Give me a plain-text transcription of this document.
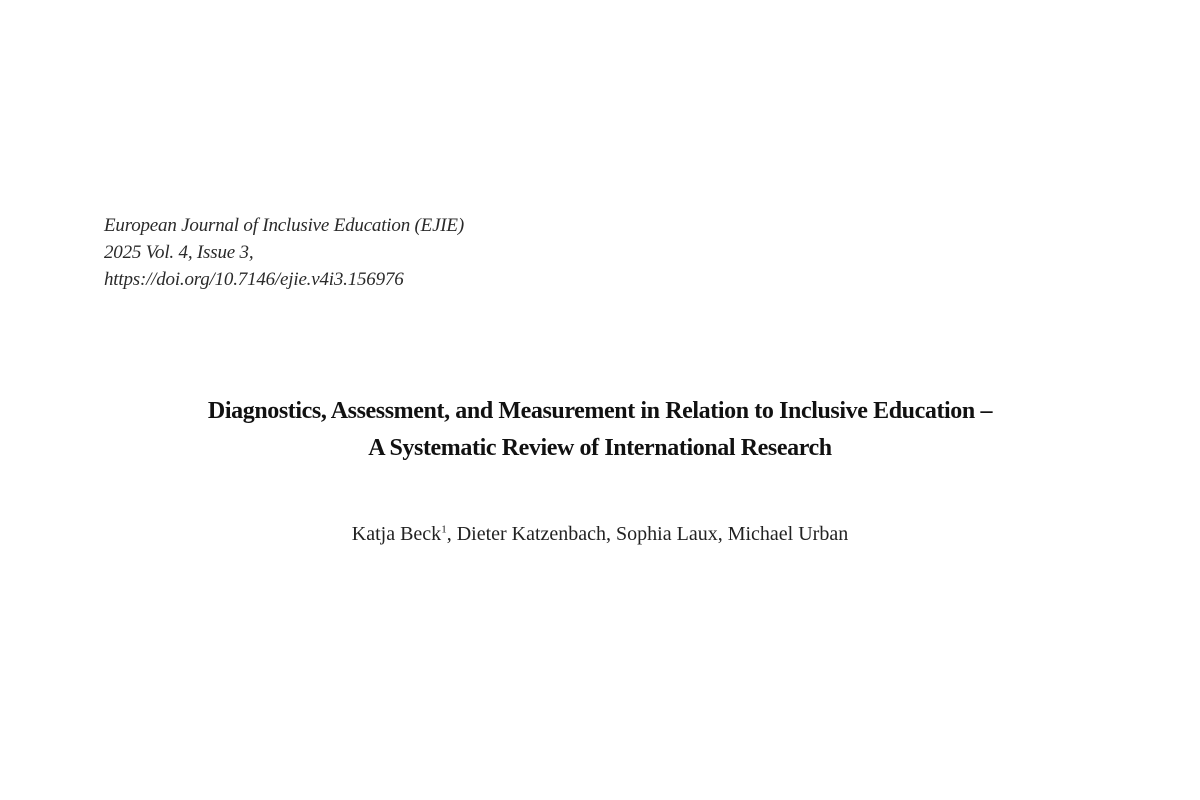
European Journal of Inclusive Education (EJIE)
2025 Vol. 4, Issue 3,
https://doi.org/10.7146/ejie.v4i3.156976
Diagnostics, Assessment, and Measurement in Relation to Inclusive Education –
A Systematic Review of International Research
Katja Beck$^1$, Dieter Katzenbach, Sophia Laux, Michael Urban
